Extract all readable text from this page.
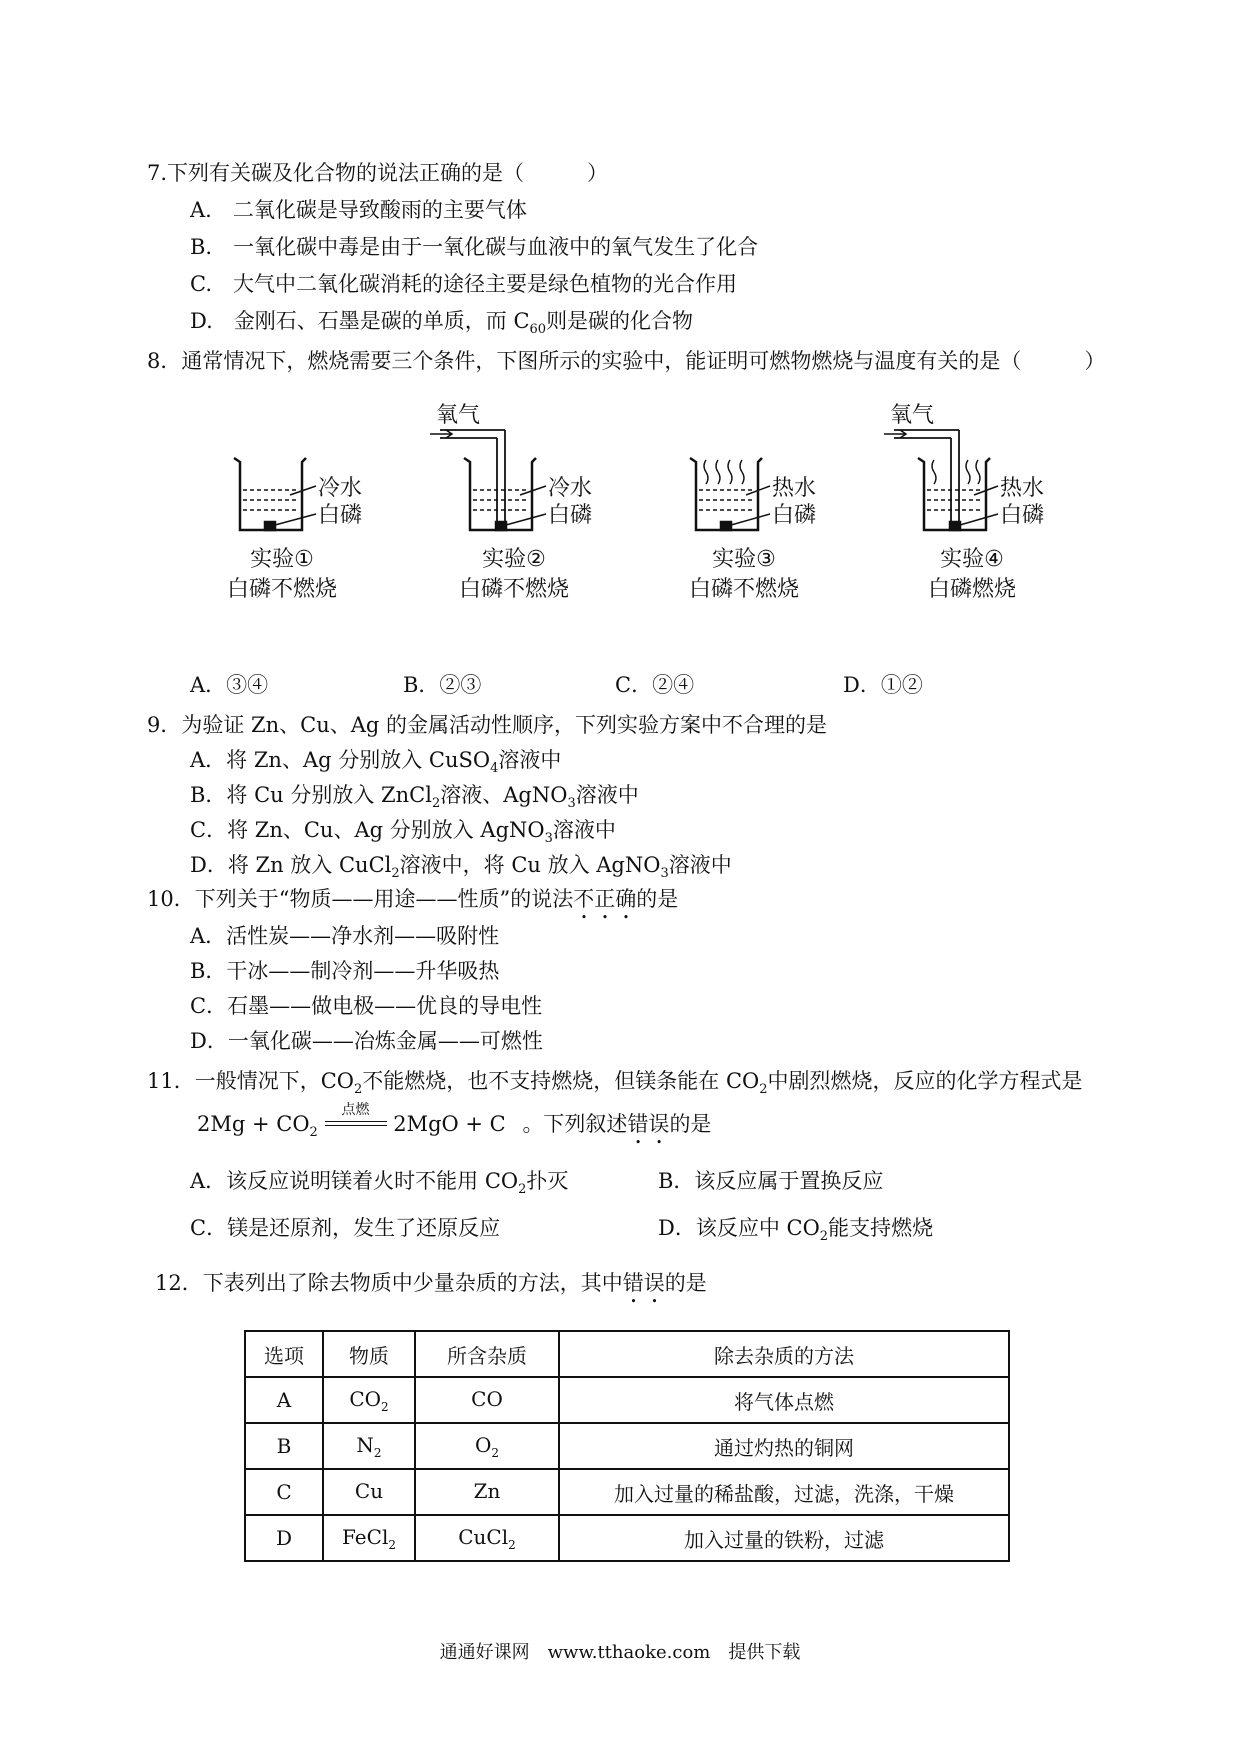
7.下列有关碳及化合物的说法正确的是（　　　）
A.　二氧化碳是导致酸雨的主要气体
B.　一氧化碳中毒是由于一氧化碳与血液中的氧气发生了化合
C.　大气中二氧化碳消耗的途径主要是绿色植物的光合作用
D.　金刚石、石墨是碳的单质，而 $C_{60}$则是碳的化合物
8．通常情况下，燃烧需要三个条件，下图所示的实验中，能证明可燃物燃烧与温度有关的是（　　　）
冷水
白磷
氧气
冷水
白磷
热水
白磷
氧气
热水
白磷
实验①
白磷不燃烧
实验②
白磷不燃烧
实验③
白磷不燃烧
实验④
白磷燃烧
A．③④	B．②③	C．②④	D．①②
9．为验证 Zn、Cu、Ag 的金属活动性顺序，下列实验方案中不合理的是
A．将 Zn、Ag 分别放入 CuSO$_4$溶液中
B．将 Cu 分别放入 ZnCl$_2$溶液、AgNO$_3$溶液中
C．将 Zn、Cu、Ag 分别放入 AgNO$_3$溶液中
D．将 Zn 放入 CuCl$_2$溶液中，将 Cu 放入 AgNO$_3$溶液中
10．下列关于“物质——用途——性质”的说法不正确的是
A．活性炭——净水剂——吸附性
B．干冰——制冷剂——升华吸热
C．石墨——做电极——优良的导电性
D．一氧化碳——冶炼金属——可燃性
11．一般情况下，$CO_2$不能燃烧，也不支持燃烧，但镁条能在 $CO_2$中剧烈燃烧，反应的化学方程式是
$2Mg + CO_2$
点燃
2MgO + C 。下列叙述错误的是
A．该反应说明镁着火时不能用 $CO_2$扑灭	B．该反应属于置换反应
C．镁是还原剂，发生了还原反应	D．该反应中 $CO_2$能支持燃烧
12．下表列出了除去物质中少量杂质的方法，其中错误的是
选项	物质	所含杂质	除去杂质的方法
A	$CO_2$	CO	将气体点燃
B	$N_2$	$O_2$	通过灼热的铜网
C	Cu	Zn	加入过量的稀盐酸，过滤，洗涤，干燥
D	FeCl$_2$	CuCl$_2$	加入过量的铁粉，过滤
通通好课网　www.tthaoke.com　提供下载
